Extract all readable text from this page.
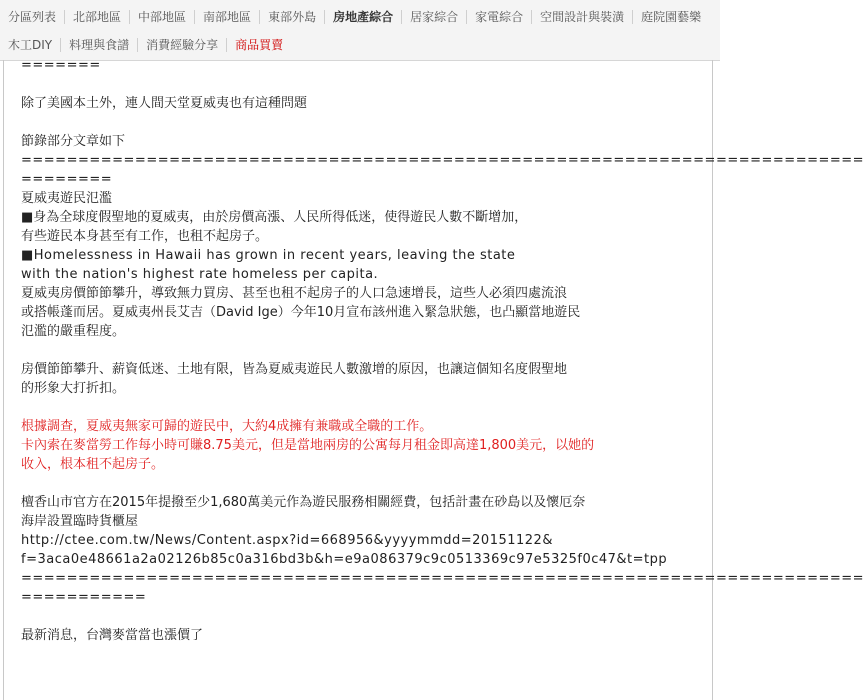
分區列表	北部地區	中部地區	南部地區	東部外島	房地產綜合	居家綜合	家電綜合	空間設計與裝潢	庭院園藝樂
木工DIY	料理與食譜	消費經驗分享	商品買賣
=======
除了美國本土外，連人間天堂夏威夷也有這種問題
節錄部分文章如下
==========================================================================
========
夏威夷遊民氾濫
■身為全球度假聖地的夏威夷，由於房價高漲、人民所得低迷，使得遊民人數不斷增加，
有些遊民本身甚至有工作，也租不起房子。
■Homelessness in Hawaii has grown in recent years, leaving the state
with the nation's highest rate homeless per capita.
夏威夷房價節節攀升，導致無力買房、甚至也租不起房子的人口急速增長，這些人必須四處流浪
或搭帳蓬而居。夏威夷州長艾吉（David Ige）今年10月宣布該州進入緊急狀態，也凸顯當地遊民
氾濫的嚴重程度。
房價節節攀升、薪資低迷、土地有限，皆為夏威夷遊民人數激增的原因，也讓這個知名度假聖地
的形象大打折扣。
根據調查，夏威夷無家可歸的遊民中，大約4成擁有兼職或全職的工作。
卡內索在麥當勞工作每小時可賺8.75美元，但是當地兩房的公寓每月租金即高達1,800美元，以她的
收入，根本租不起房子。
檀香山市官方在2015年提撥至少1,680萬美元作為遊民服務相關經費，包括計畫在砂島以及懷厄奈
海岸設置臨時貨櫃屋
http://ctee.com.tw/News/Content.aspx?id=668956&yyyymmdd=20151122&
f=3aca0e48661a2a02126b85c0a316bd3b&h=e9a086379c9c0513369c97e5325f0c47&t=tpp
==========================================================================
===========
最新消息，台灣麥當當也漲價了
